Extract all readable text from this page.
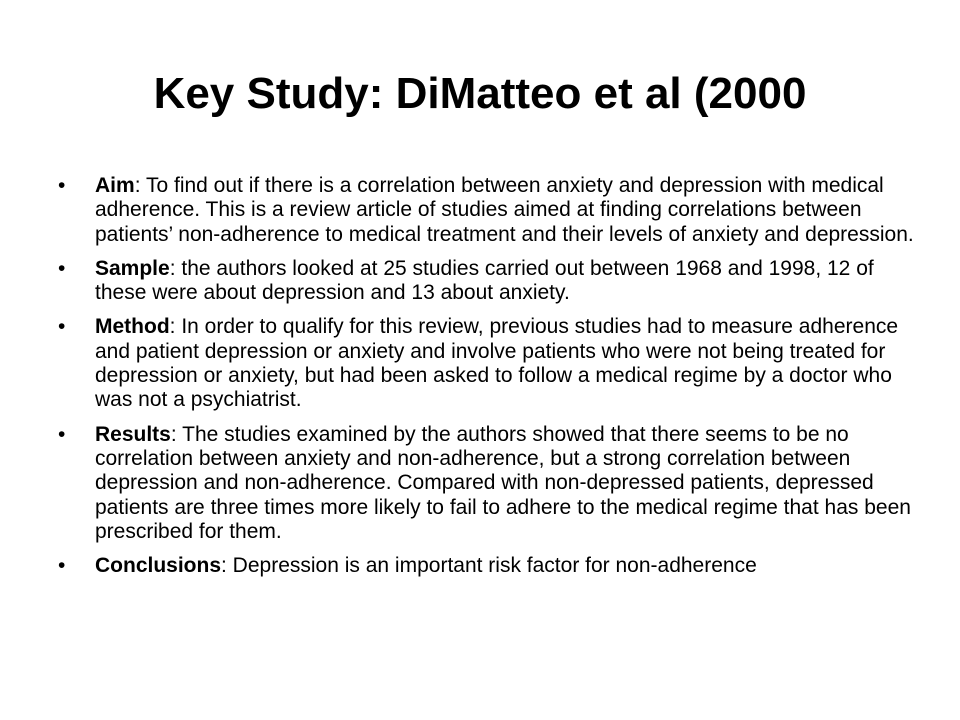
Key Study: DiMatteo et al (2000
•	Aim: To find out if there is a correlation between anxiety and depression with medical adherence. This is a review article of studies aimed at finding correlations between patients’ non-adherence to medical treatment and their levels of anxiety and depression.
•	Sample: the authors looked at 25 studies carried out between 1968 and 1998, 12 of these were about depression and 13 about anxiety.
•	Method: In order to qualify for this review, previous studies had to measure adherence and patient depression or anxiety and involve patients who were not being treated for depression or anxiety, but had been asked to follow a medical regime by a doctor who was not a psychiatrist.
•	Results: The studies examined by the authors showed that there seems to be no correlation between anxiety and non-adherence, but a strong correlation between depression and non-adherence. Compared with non-depressed patients, depressed patients are three times more likely to fail to adhere to the medical regime that has been prescribed for them.
•	Conclusions: Depression is an important risk factor for non-adherence
